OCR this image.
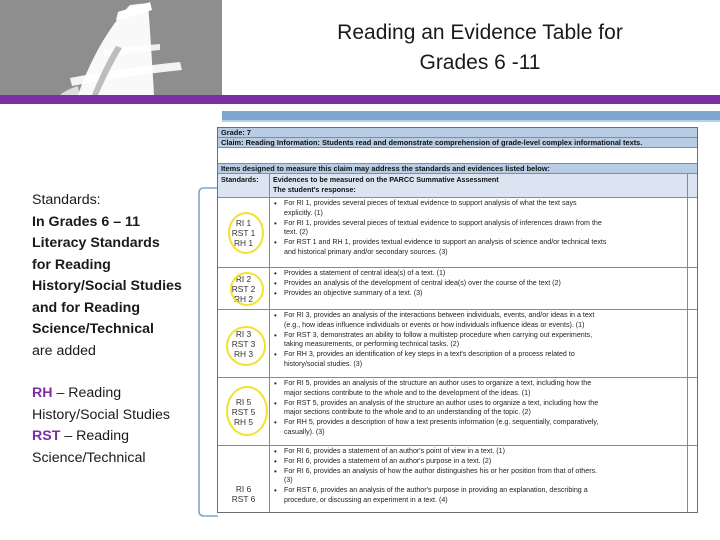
Reading an Evidence Table for
Grades 6 -11
Standards:
In Grades 6 – 11
Literacy Standards
for Reading
History/Social Studies
and for Reading
Science/Technical
are added
RH – Reading
History/Social Studies
RST – Reading
Science/Technical
Grade: 7
Claim: Reading Information: Students read and demonstrate comprehension of grade-level complex informational texts.
Items designed to measure this claim may address the standards and evidences listed below:
Standards:	Evidences to be measured on the PARCC Summative Assessment
The student's response:
RI 1
RST 1
RH 1
• For RI 1, provides several pieces of textual evidence to support analysis of what the text says
explicitly. (1)
• For RI 1, provides several pieces of textual evidence to support analysis of inferences drawn from the
text. (2)
• For RST 1 and RH 1, provides textual evidence to support an analysis of science and/or technical texts
and historical primary and/or secondary sources. (3)
RI 2
RST 2
RH 2
• Provides a statement of central idea(s) of a text. (1)
• Provides an analysis of the development of central idea(s) over the course of the text (2)
• Provides an objective summary of a text. (3)
RI 3
RST 3
RH 3
• For RI 3, provides an analysis of the interactions between individuals, events, and/or ideas in a text
(e.g., how ideas influence individuals or events or how individuals influence ideas or events). (1)
• For RST 3, demonstrates an ability to follow a multistep procedure when carrying out experiments,
taking measurements, or performing technical tasks. (2)
• For RH 3, provides an identification of key steps in a text's description of a process related to
history/social studies. (3)
RI 5
RST 5
RH 5
• For RI 5, provides an analysis of the structure an author uses to organize a text, including how the
major sections contribute to the whole and to the development of the ideas. (1)
• For RST 5, provides an analysis of the structure an author uses to organize a text, including how the
major sections contribute to the whole and to an understanding of the topic. (2)
• For RH 5, provides a description of how a text presents information (e.g. sequentially, comparatively,
casually). (3)
RI 6
RST 6
• For RI 6, provides a statement of an author's point of view in a text. (1)
• For RI 6, provides a statement of an author's purpose in a text. (2)
• For RI 6, provides an analysis of how the author distinguishes his or her position from that of others.
(3)
• For RST 6, provides an analysis of the author's purpose in providing an explanation, describing a
procedure, or discussing an experiment in a text. (4)
